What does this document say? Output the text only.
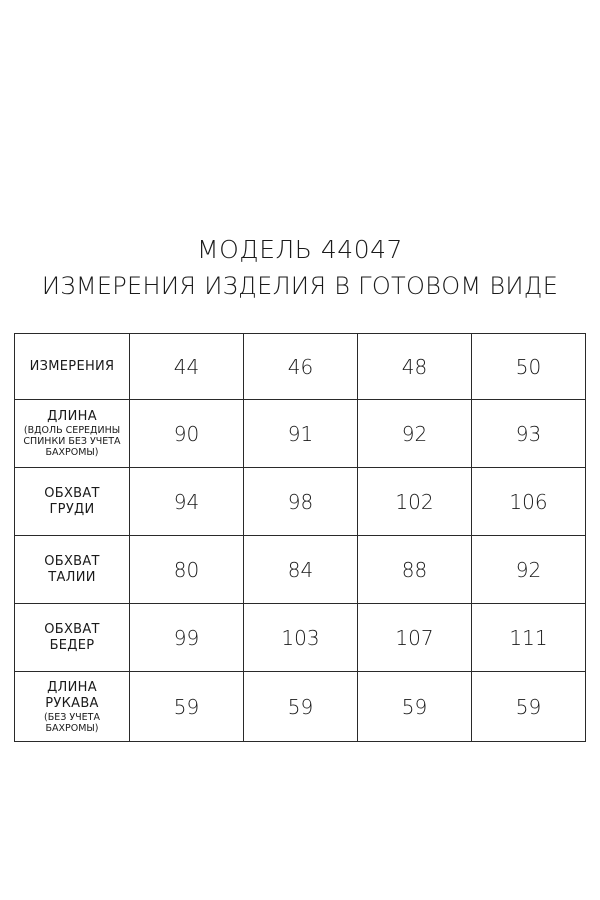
МОДЕЛЬ 44047
ИЗМЕРЕНИЯ ИЗДЕЛИЯ В ГОТОВОМ ВИДЕ
ИЗМЕРЕНИЯ	44	46	48	50

ДЛИНА
(ВДОЛЬ СЕРЕДИНЫ
СПИНКИ БЕЗ УЧЕТА
БАХРОМЫ)	90	91	92	93

ОБХВАТ
ГРУДИ	94	98	102	106

ОБХВАТ
ТАЛИИ	80	84	88	92

ОБХВАТ
БЕДЕР	99	103	107	111

ДЛИНА
РУКАВА
(БЕЗ УЧЕТА
БАХРОМЫ)	59	59	59	59
